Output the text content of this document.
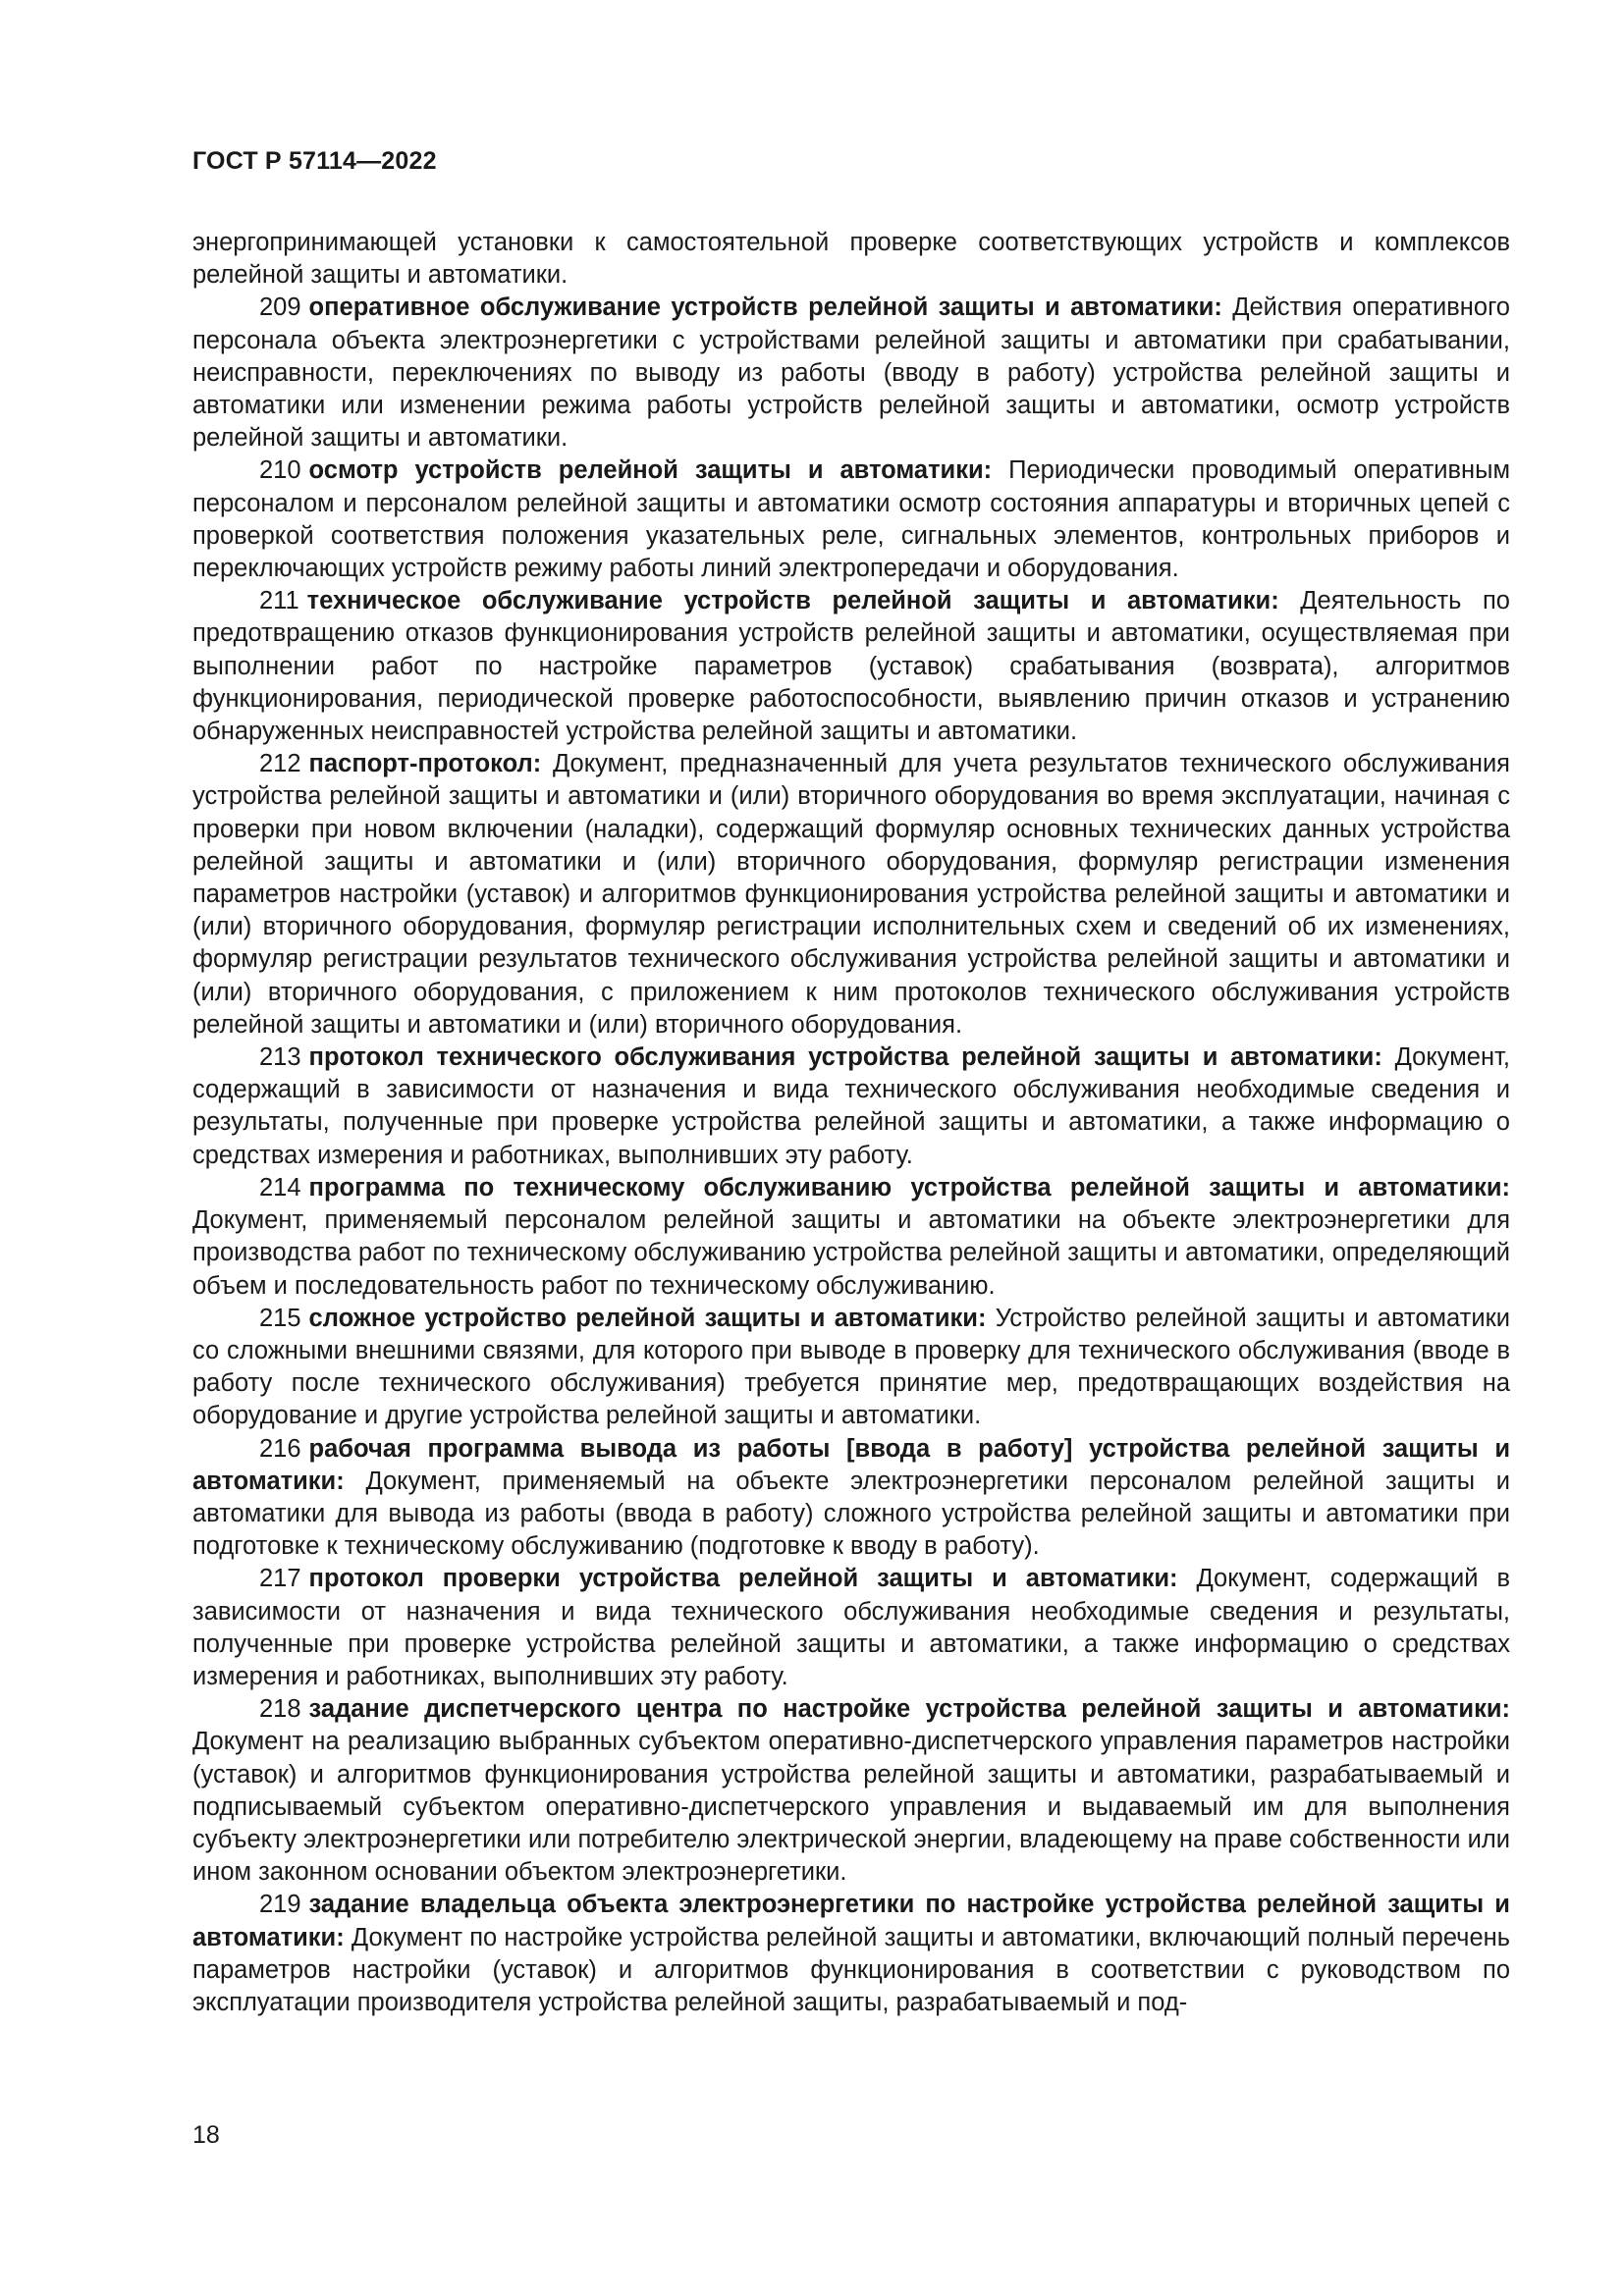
ГОСТ Р 57114—2022

энергопринимающей установки к самостоятельной проверке соответствующих устройств и комплексов релейной защиты и автоматики.

209 оперативное обслуживание устройств релейной защиты и автоматики: Действия оперативного персонала объекта электроэнергетики с устройствами релейной защиты и автоматики при срабатывании, неисправности, переключениях по выводу из работы (вводу в работу) устройства релейной защиты и автоматики или изменении режима работы устройств релейной защиты и автоматики, осмотр устройств релейной защиты и автоматики.

210 осмотр устройств релейной защиты и автоматики: Периодически проводимый оперативным персоналом и персоналом релейной защиты и автоматики осмотр состояния аппаратуры и вторичных цепей с проверкой соответствия положения указательных реле, сигнальных элементов, контрольных приборов и переключающих устройств режиму работы линий электропередачи и оборудования.

211 техническое обслуживание устройств релейной защиты и автоматики: Деятельность по предотвращению отказов функционирования устройств релейной защиты и автоматики, осуществляемая при выполнении работ по настройке параметров (уставок) срабатывания (возврата), алгоритмов функционирования, периодической проверке работоспособности, выявлению причин отказов и устранению обнаруженных неисправностей устройства релейной защиты и автоматики.

212 паспорт-протокол: Документ, предназначенный для учета результатов технического обслуживания устройства релейной защиты и автоматики и (или) вторичного оборудования во время эксплуатации, начиная с проверки при новом включении (наладки), содержащий формуляр основных технических данных устройства релейной защиты и автоматики и (или) вторичного оборудования, формуляр регистрации изменения параметров настройки (уставок) и алгоритмов функционирования устройства релейной защиты и автоматики и (или) вторичного оборудования, формуляр регистрации исполнительных схем и сведений об их изменениях, формуляр регистрации результатов технического обслуживания устройства релейной защиты и автоматики и (или) вторичного оборудования, с приложением к ним протоколов технического обслуживания устройств релейной защиты и автоматики и (или) вторичного оборудования.

213 протокол технического обслуживания устройства релейной защиты и автоматики: Документ, содержащий в зависимости от назначения и вида технического обслуживания необходимые сведения и результаты, полученные при проверке устройства релейной защиты и автоматики, а также информацию о средствах измерения и работниках, выполнивших эту работу.

214 программа по техническому обслуживанию устройства релейной защиты и автоматики: Документ, применяемый персоналом релейной защиты и автоматики на объекте электроэнергетики для производства работ по техническому обслуживанию устройства релейной защиты и автоматики, определяющий объем и последовательность работ по техническому обслуживанию.

215 сложное устройство релейной защиты и автоматики: Устройство релейной защиты и автоматики со сложными внешними связями, для которого при выводе в проверку для технического обслуживания (вводе в работу после технического обслуживания) требуется принятие мер, предотвращающих воздействия на оборудование и другие устройства релейной защиты и автоматики.

216 рабочая программа вывода из работы [ввода в работу] устройства релейной защиты и автоматики: Документ, применяемый на объекте электроэнергетики персоналом релейной защиты и автоматики для вывода из работы (ввода в работу) сложного устройства релейной защиты и автоматики при подготовке к техническому обслуживанию (подготовке к вводу в работу).

217 протокол проверки устройства релейной защиты и автоматики: Документ, содержащий в зависимости от назначения и вида технического обслуживания необходимые сведения и результаты, полученные при проверке устройства релейной защиты и автоматики, а также информацию о средствах измерения и работниках, выполнивших эту работу.

218 задание диспетчерского центра по настройке устройства релейной защиты и автоматики: Документ на реализацию выбранных субъектом оперативно-диспетчерского управления параметров настройки (уставок) и алгоритмов функционирования устройства релейной защиты и автоматики, разрабатываемый и подписываемый субъектом оперативно-диспетчерского управления и выдаваемый им для выполнения субъекту электроэнергетики или потребителю электрической энергии, владеющему на праве собственности или ином законном основании объектом электроэнергетики.

219 задание владельца объекта электроэнергетики по настройке устройства релейной защиты и автоматики: Документ по настройке устройства релейной защиты и автоматики, включающий полный перечень параметров настройки (уставок) и алгоритмов функционирования в соответствии с руководством по эксплуатации производителя устройства релейной защиты, разрабатываемый и под-

18
